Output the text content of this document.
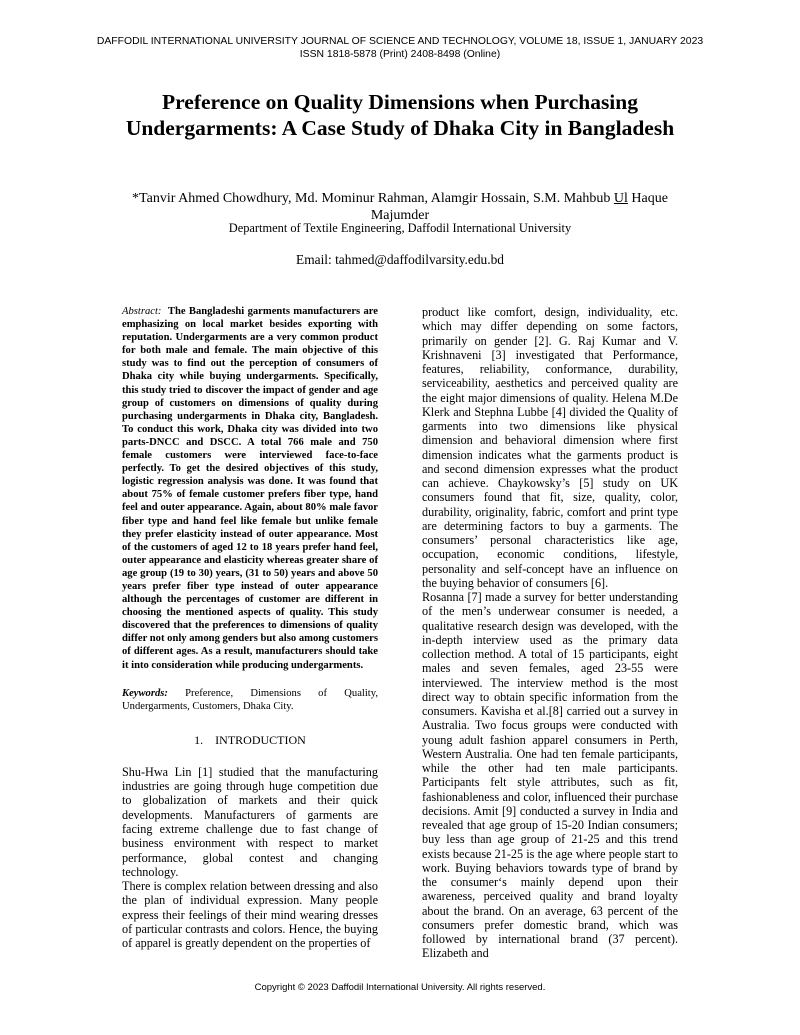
DAFFODIL INTERNATIONAL UNIVERSITY JOURNAL OF SCIENCE AND TECHNOLOGY, VOLUME 18, ISSUE 1, JANUARY 2023
ISSN 1818-5878 (Print) 2408-8498 (Online)
Preference on Quality Dimensions when Purchasing Undergarments: A Case Study of Dhaka City in Bangladesh
*Tanvir Ahmed Chowdhury, Md. Mominur Rahman, Alamgir Hossain, S.M. Mahbub Ul Haque Majumder
Department of Textile Engineering, Daffodil International University
Email: tahmed@daffodilvarsity.edu.bd

Abstract: The Bangladeshi garments manufacturers are emphasizing on local market besides exporting with reputation. Undergarments are a very common product for both male and female. The main objective of this study was to find out the perception of consumers of Dhaka city while buying undergarments. Specifically, this study tried to discover the impact of gender and age group of customers on dimensions of quality during purchasing undergarments in Dhaka city, Bangladesh. To conduct this work, Dhaka city was divided into two parts-DNCC and DSCC. A total 766 male and 750 female customers were interviewed face-to-face perfectly. To get the desired objectives of this study, logistic regression analysis was done. It was found that about 75% of female customer prefers fiber type, hand feel and outer appearance. Again, about 80% male favor fiber type and hand feel like female but unlike female they prefer elasticity instead of outer appearance. Most of the customers of aged 12 to 18 years prefer hand feel, outer appearance and elasticity whereas greater share of age group (19 to 30) years, (31 to 50) years and above 50 years prefer fiber type instead of outer appearance although the percentages of customer are different in choosing the mentioned aspects of quality. This study discovered that the preferences to dimensions of quality differ not only among genders but also among customers of different ages. As a result, manufacturers should take it into consideration while producing undergarments.

Keywords: Preference, Dimensions of Quality, Undergarments, Customers, Dhaka City.

1.    INTRODUCTION

Shu-Hwa Lin [1] studied that the manufacturing industries are going through huge competition due to globalization of markets and their quick developments. Manufacturers of garments are facing extreme challenge due to fast change of business environment with respect to market performance, global contest and changing technology.

There is complex relation between dressing and also the plan of individual expression. Many people express their feelings of their mind wearing dresses of particular contrasts and colors. Hence, the buying of apparel is greatly dependent on the properties of

product like comfort, design, individuality, etc. which may differ depending on some factors, primarily on gender [2]. G. Raj Kumar and V. Krishnaveni [3] investigated that Performance, features, reliability, conformance, durability, serviceability, aesthetics and perceived quality are the eight major dimensions of quality. Helena M.De Klerk and Stephna Lubbe [4] divided the Quality of garments into two dimensions like physical dimension and behavioral dimension where first dimension indicates what the garments product is and second dimension expresses what the product can achieve. Chaykowsky’s [5] study on UK consumers found that fit, size, quality, color, durability, originality, fabric, comfort and print type are determining factors to buy a garments. The consumers’ personal characteristics like age, occupation, economic conditions, lifestyle, personality and self-concept have an influence on the buying behavior of consumers [6].

Rosanna [7] made a survey for better understanding of the men’s underwear consumer is needed, a qualitative research design was developed, with the in-depth interview used as the primary data collection method. A total of 15 participants, eight males and seven females, aged 23-55 were interviewed. The interview method is the most direct way to obtain specific information from the consumers. Kavisha et al.[8] carried out a survey in Australia. Two focus groups were conducted with young adult fashion apparel consumers in Perth, Western Australia. One had ten female participants, while the other had ten male participants. Participants felt style attributes, such as fit, fashionableness and color, influenced their purchase decisions. Amit [9] conducted a survey in India and revealed that age group of 15-20 Indian consumers; buy less than age group of 21-25 and this trend exists because 21-25 is the age where people start to work. Buying behaviors towards type of brand by the consumer‘s mainly depend upon their awareness, perceived quality and brand loyalty about the brand. On an average, 63 percent of the consumers prefer domestic brand, which was followed by international brand (37 percent). Elizabeth and

Copyright © 2023 Daffodil International University. All rights reserved.
